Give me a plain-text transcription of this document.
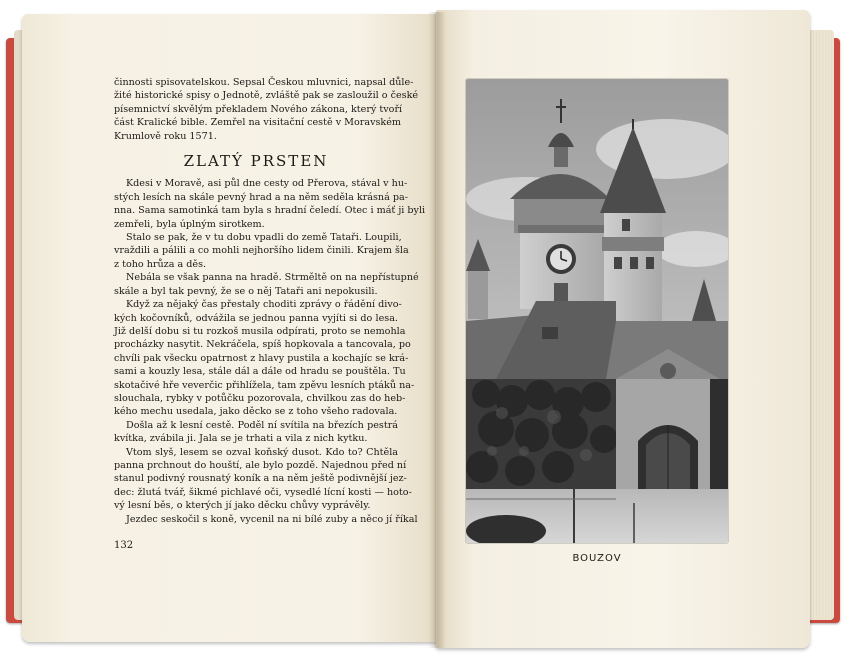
činnosti spisovatelskou. Sepsal Českou mluvnici, napsal důle-
žité historické spisy o Jednotě, zvláště pak se zasloužil o české
písemnictví skvělým překladem Nového zákona, který tvoří
část Kralické bible. Zemřel na visitační cestě v Moravském
Krumlově roku 1571.
ZLATÝ PRSTEN
Kdesi v Moravě, asi půl dne cesty od Přerova, stával v hu-
stých lesích na skále pevný hrad a na něm seděla krásná pa-
nna. Sama samotinká tam byla s hradní čeledí. Otec i máť ji byli
zemřeli, byla úplným sirotkem.
Stalo se pak, že v tu dobu vpadli do země Tataři. Loupili,
vraždili a pálili a co mohli nejhoršího lidem činili. Krajem šla
z toho hrůza a děs.
Nebála se však panna na hradě. Strměltě on na nepřístupné
skále a byl tak pevný, že se o něj Tataři ani nepokusili.
Když za nějaký čas přestaly choditi zprávy o řádění divo-
kých kočovníků, odvážila se jednou panna vyjíti si do lesa.
Již delší dobu si tu rozkoš musila odpírati, proto se nemohla
procházky nasytit. Nekráčela, spíš hopkovala a tancovala, po
chvíli pak všecku opatrnost z hlavy pustila a kochajíc se krá-
sami a kouzly lesa, stále dál a dále od hradu se pouštěla. Tu
skotačivé hře veverčic přihlížela, tam zpěvu lesních ptáků na-
slouchala, rybky v potůčku pozorovala, chvilkou zas do heb-
kého mechu usedala, jako děcko se z toho všeho radovala.
Došla až k lesní cestě. Poděl ní svítila na březích pestrá
kvítka, zvábila ji. Jala se je trhati a vila z nich kytku.
Vtom slyš, lesem se ozval koňský dusot. Kdo to? Chtěla
panna prchnout do houští, ale bylo pozdě. Najednou před ní
stanul podivný rousnatý koník a na něm ještě podivnější jez-
dec: žlutá tvář, šikmé pichlavé oči, vysedlé lícní kosti — hoto-
vý lesní běs, o kterých jí jako děcku chůvy vyprávěly.
Jezdec seskočil s koně, vycenil na ni bílé zuby a něco jí říkal
132
BOUZOV
